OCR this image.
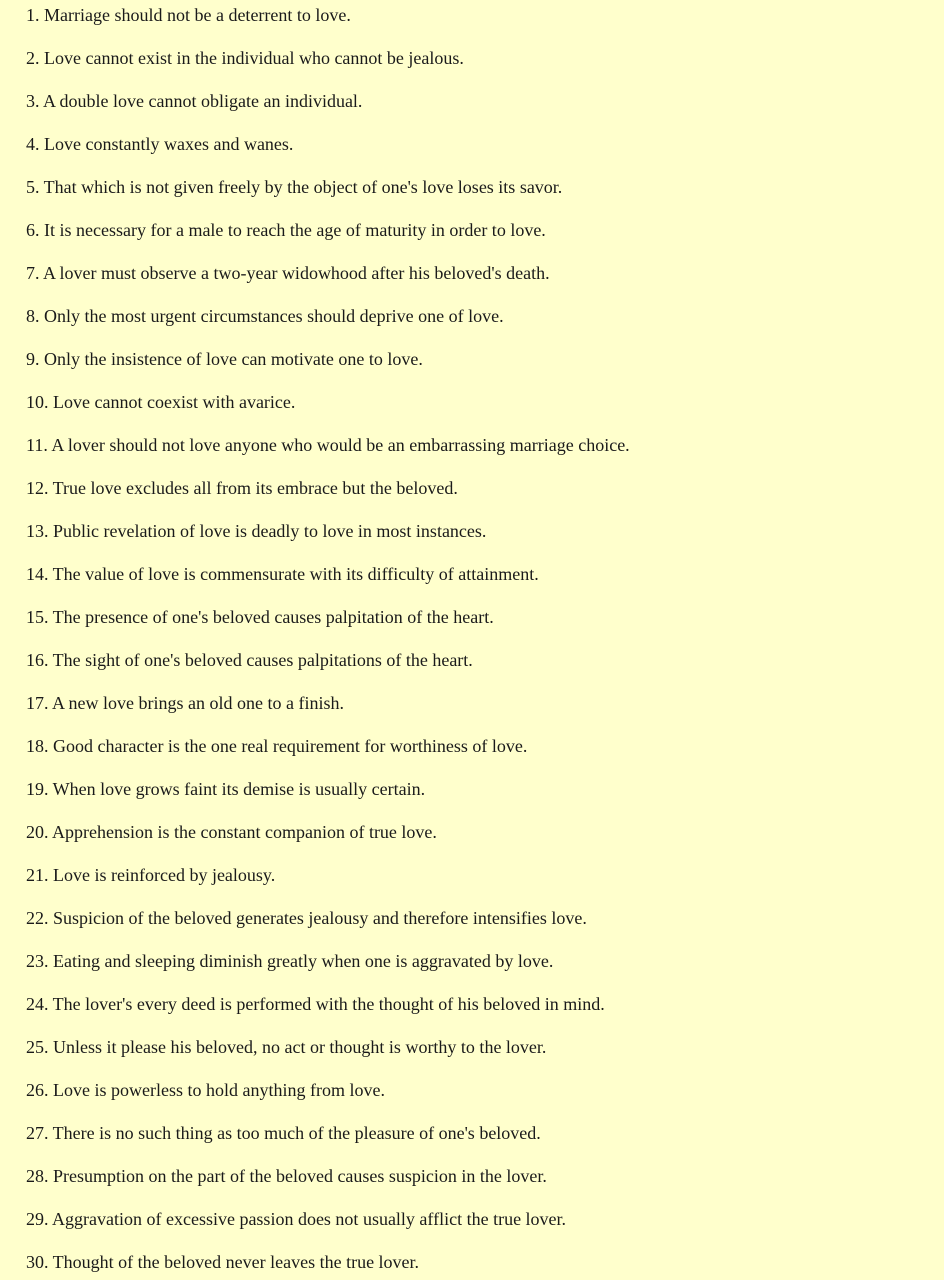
1. Marriage should not be a deterrent to love.
2. Love cannot exist in the individual who cannot be jealous.
3. A double love cannot obligate an individual.
4. Love constantly waxes and wanes.
5. That which is not given freely by the object of one's love loses its savor.
6. It is necessary for a male to reach the age of maturity in order to love.
7. A lover must observe a two-year widowhood after his beloved's death.
8. Only the most urgent circumstances should deprive one of love.
9. Only the insistence of love can motivate one to love.
10. Love cannot coexist with avarice.
11. A lover should not love anyone who would be an embarrassing marriage choice.
12. True love excludes all from its embrace but the beloved.
13. Public revelation of love is deadly to love in most instances.
14. The value of love is commensurate with its difficulty of attainment.
15. The presence of one's beloved causes palpitation of the heart.
16. The sight of one's beloved causes palpitations of the heart.
17. A new love brings an old one to a finish.
18. Good character is the one real requirement for worthiness of love.
19. When love grows faint its demise is usually certain.
20. Apprehension is the constant companion of true love.
21. Love is reinforced by jealousy.
22. Suspicion of the beloved generates jealousy and therefore intensifies love.
23. Eating and sleeping diminish greatly when one is aggravated by love.
24. The lover's every deed is performed with the thought of his beloved in mind.
25. Unless it please his beloved, no act or thought is worthy to the lover.
26. Love is powerless to hold anything from love.
27. There is no such thing as too much of the pleasure of one's beloved.
28. Presumption on the part of the beloved causes suspicion in the lover.
29. Aggravation of excessive passion does not usually afflict the true lover.
30. Thought of the beloved never leaves the true lover.
